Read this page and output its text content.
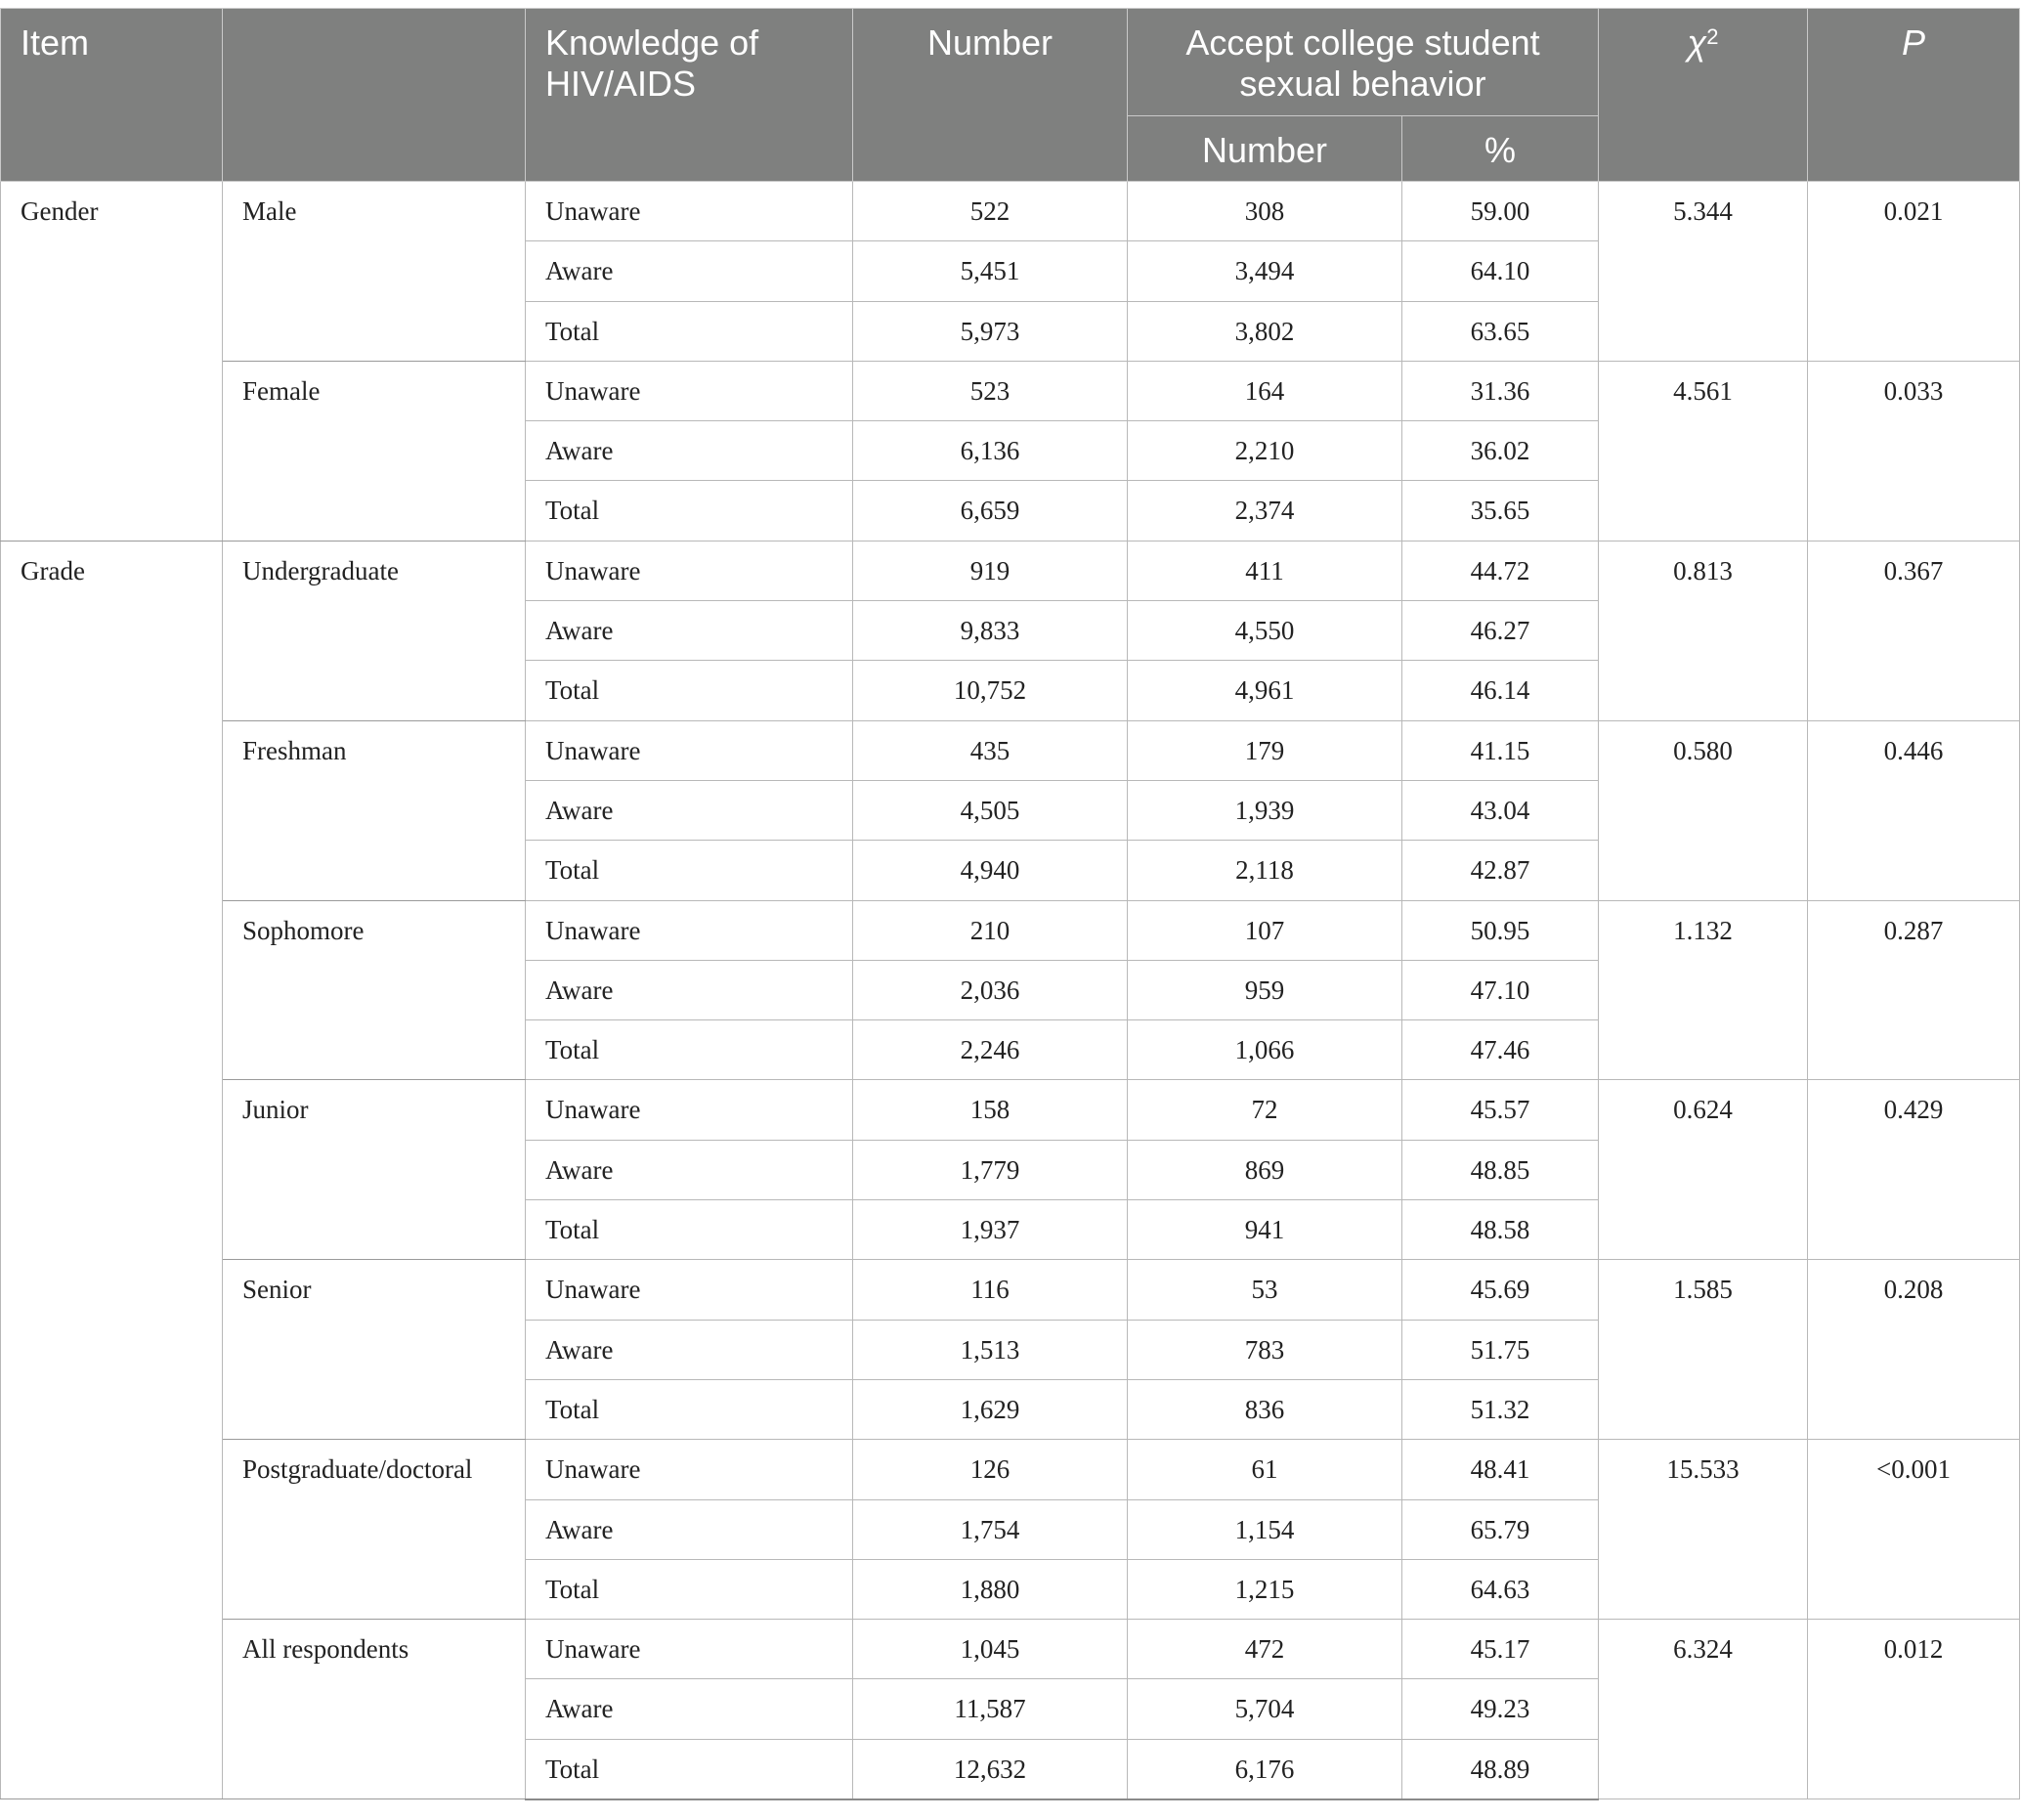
Item		Knowledge of HIV/AIDS	Number	Accept college student sexual behavior		$\chi^2$	P
				Number	%		
Gender	Male	Unaware	522	308	59.00	5.344	0.021
		Aware	5,451	3,494	64.10		
		Total	5,973	3,802	63.65		
	Female	Unaware	523	164	31.36	4.561	0.033
		Aware	6,136	2,210	36.02		
		Total	6,659	2,374	35.65		
Grade	Undergraduate	Unaware	919	411	44.72	0.813	0.367
		Aware	9,833	4,550	46.27		
		Total	10,752	4,961	46.14		
	Freshman	Unaware	435	179	41.15	0.580	0.446
		Aware	4,505	1,939	43.04		
		Total	4,940	2,118	42.87		
	Sophomore	Unaware	210	107	50.95	1.132	0.287
		Aware	2,036	959	47.10		
		Total	2,246	1,066	47.46		
	Junior	Unaware	158	72	45.57	0.624	0.429
		Aware	1,779	869	48.85		
		Total	1,937	941	48.58		
	Senior	Unaware	116	53	45.69	1.585	0.208
		Aware	1,513	783	51.75		
		Total	1,629	836	51.32		
	Postgraduate/doctoral	Unaware	126	61	48.41	15.533	<0.001
		Aware	1,754	1,154	65.79		
		Total	1,880	1,215	64.63		
	All respondents	Unaware	1,045	472	45.17	6.324	0.012
		Aware	11,587	5,704	49.23		
		Total	12,632	6,176	48.89		
